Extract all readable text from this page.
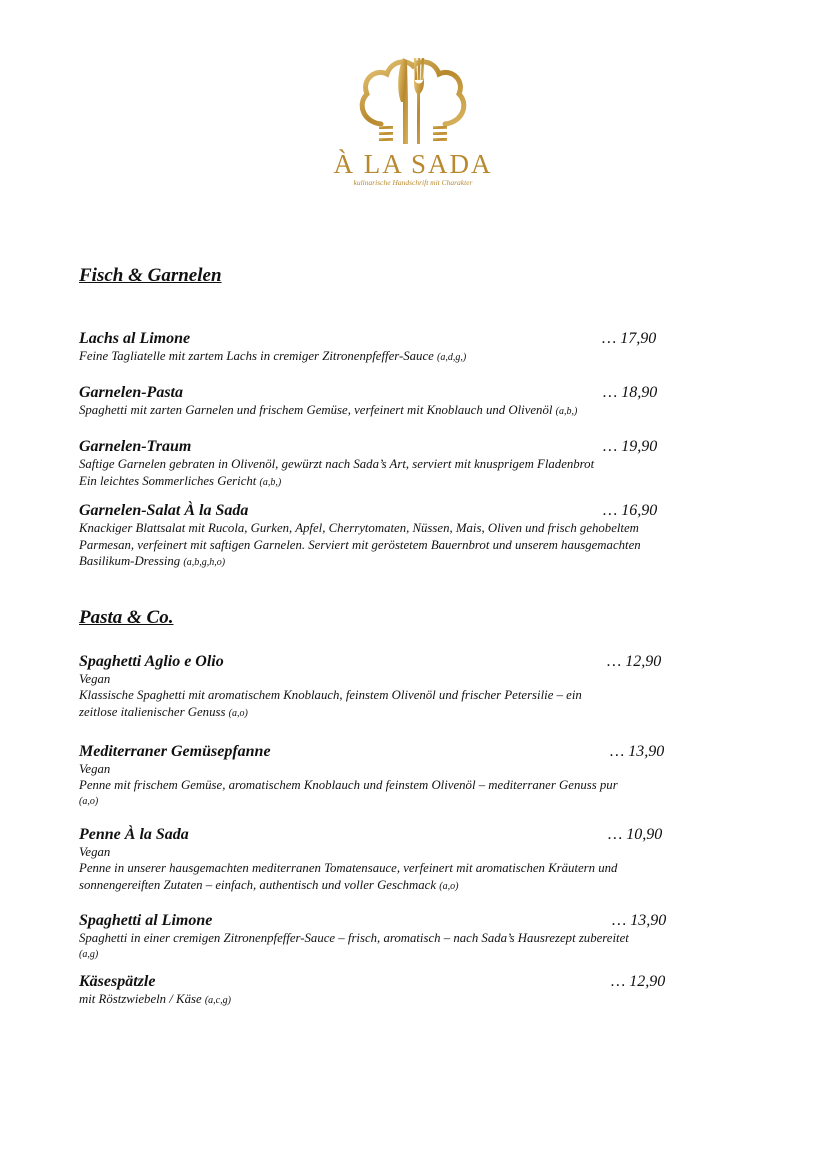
À LA SADA
kulinarische Handschrift mit Charakter
Fisch & Garnelen
Lachs al Limone	… 17,90
Feine Tagliatelle mit zartem Lachs in cremiger Zitronenpfeffer-Sauce (a,d,g,)
Garnelen-Pasta	… 18,90
Spaghetti mit zarten Garnelen und frischem Gemüse, verfeinert mit Knoblauch und Olivenöl (a,b,)
Garnelen-Traum	… 19,90
Saftige Garnelen gebraten in Olivenöl, gewürzt nach Sada’s Art, serviert mit knusprigem Fladenbrot
Ein leichtes Sommerliches Gericht (a,b,)
Garnelen-Salat À la Sada	… 16,90
Knackiger Blattsalat mit Rucola, Gurken, Apfel, Cherrytomaten, Nüssen, Mais, Oliven und frisch gehobeltem
Parmesan, verfeinert mit saftigen Garnelen. Serviert mit geröstetem Bauernbrot und unserem hausgemachten
Basilikum-Dressing (a,b,g,h,o)
Pasta & Co.
Spaghetti Aglio e Olio	… 12,90
Vegan
Klassische Spaghetti mit aromatischem Knoblauch, feinstem Olivenöl und frischer Petersilie – ein
zeitlose italienischer Genuss (a,o)
Mediterraner Gemüsepfanne	… 13,90
Vegan
Penne mit frischem Gemüse, aromatischem Knoblauch und feinstem Olivenöl – mediterraner Genuss pur
(a,o)
Penne À la Sada	… 10,90
Vegan
Penne in unserer hausgemachten mediterranen Tomatensauce, verfeinert mit aromatischen Kräutern und
sonnengereiften Zutaten – einfach, authentisch und voller Geschmack (a,o)
Spaghetti al Limone	… 13,90
Spaghetti in einer cremigen Zitronenpfeffer-Sauce – frisch, aromatisch – nach Sada’s Hausrezept zubereitet
(a,g)
Käsespätzle	… 12,90
mit Röstzwiebeln / Käse (a,c,g)
